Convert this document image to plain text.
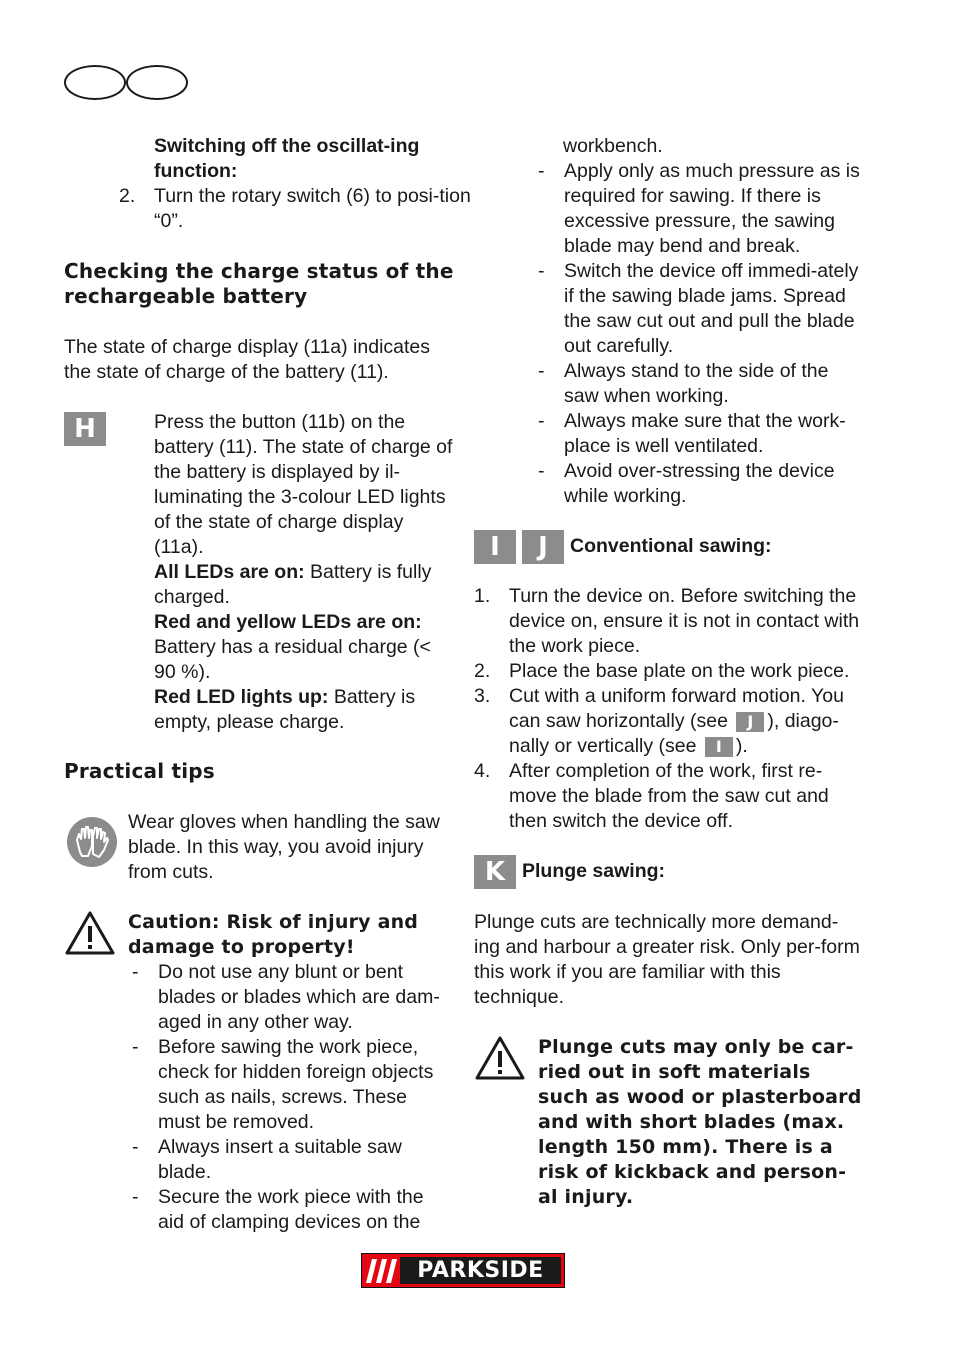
Switching off the oscillat-ing function:
2. Turn the rotary switch (6) to posi-tion “0”.
Checking the charge status of the rechargeable battery
The state of charge display (11a) indicates the state of charge of the battery (11).
H	Press the button (11b) on the battery (11). The state of charge of the battery is displayed by il-luminating the 3-colour LED lights of the state of charge display (11a).
All LEDs are on: Battery is fully charged.
Red and yellow LEDs are on: Battery has a residual charge (< 90 %).
Red LED lights up: Battery is empty, please charge.
Practical tips
Wear gloves when handling the saw blade. In this way, you avoid injury from cuts.
Caution: Risk of injury and damage to property!
- Do not use any blunt or bent blades or blades which are dam-aged in any other way.
- Before sawing the work piece, check for hidden foreign objects such as nails, screws. These must be removed.
- Always insert a suitable saw blade.
- Secure the work piece with the aid of clamping devices on the
workbench.
- Apply only as much pressure as is required for sawing. If there is excessive pressure, the sawing blade may bend and break.
- Switch the device off immedi-ately if the sawing blade jams. Spread the saw cut out and pull the blade out carefully.
- Always stand to the side of the saw when working.
- Always make sure that the work-place is well ventilated.
- Avoid over-stressing the device while working.
I	J	Conventional sawing:
1. Turn the device on. Before switching the device on, ensure it is not in contact with the work piece.
2. Place the base plate on the work piece.
3. Cut with a uniform forward motion. You can saw horizontally (see J ), diago-nally or vertically (see I ).
4. After completion of the work, first re-move the blade from the saw cut and then switch the device off.
K Plunge sawing:
Plunge cuts are technically more demand-ing and harbour a greater risk. Only per-form this work if you are familiar with this technique.
Plunge cuts may only be car-ried out in soft materials such as wood or plasterboard and with short blades (max. length 150 mm). There is a risk of kickback and person-al injury.
PARKSIDE
